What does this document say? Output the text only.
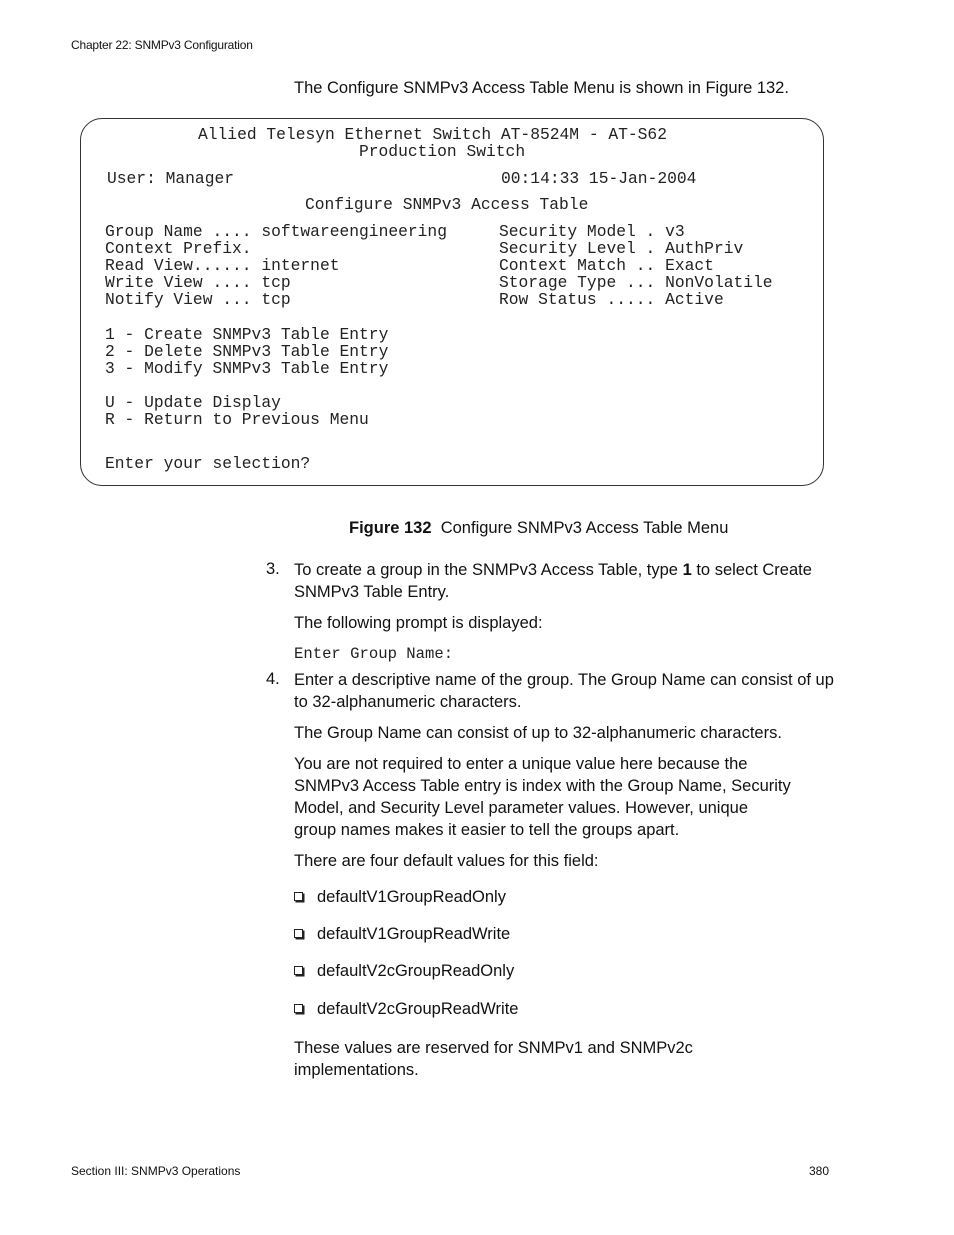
Chapter 22: SNMPv3 Configuration
The Configure SNMPv3 Access Table Menu is shown in Figure 132.
Allied Telesyn Ethernet Switch AT-8524M - AT-S62
Production Switch
User: Manager	00:14:33 15-Jan-2004
Configure SNMPv3 Access Table
Group Name .... softwareengineering
Context Prefix.
Read View...... internet
Write View .... tcp
Notify View ... tcp
Security Model . v3
Security Level . AuthPriv
Context Match .. Exact
Storage Type ... NonVolatile
Row Status ..... Active
1 - Create SNMPv3 Table Entry
2 - Delete SNMPv3 Table Entry
3 - Modify SNMPv3 Table Entry
U - Update Display
R - Return to Previous Menu
Enter your selection?
Figure 132 Configure SNMPv3 Access Table Menu
3. To create a group in the SNMPv3 Access Table, type 1 to select Create SNMPv3 Table Entry.
The following prompt is displayed:
Enter Group Name:
4. Enter a descriptive name of the group. The Group Name can consist of up to 32-alphanumeric characters.
The Group Name can consist of up to 32-alphanumeric characters.
You are not required to enter a unique value here because the SNMPv3 Access Table entry is index with the Group Name, Security Model, and Security Level parameter values. However, unique group names makes it easier to tell the groups apart.
There are four default values for this field:
defaultV1GroupReadOnly
defaultV1GroupReadWrite
defaultV2cGroupReadOnly
defaultV2cGroupReadWrite
These values are reserved for SNMPv1 and SNMPv2c implementations.
Section III: SNMPv3 Operations	380
